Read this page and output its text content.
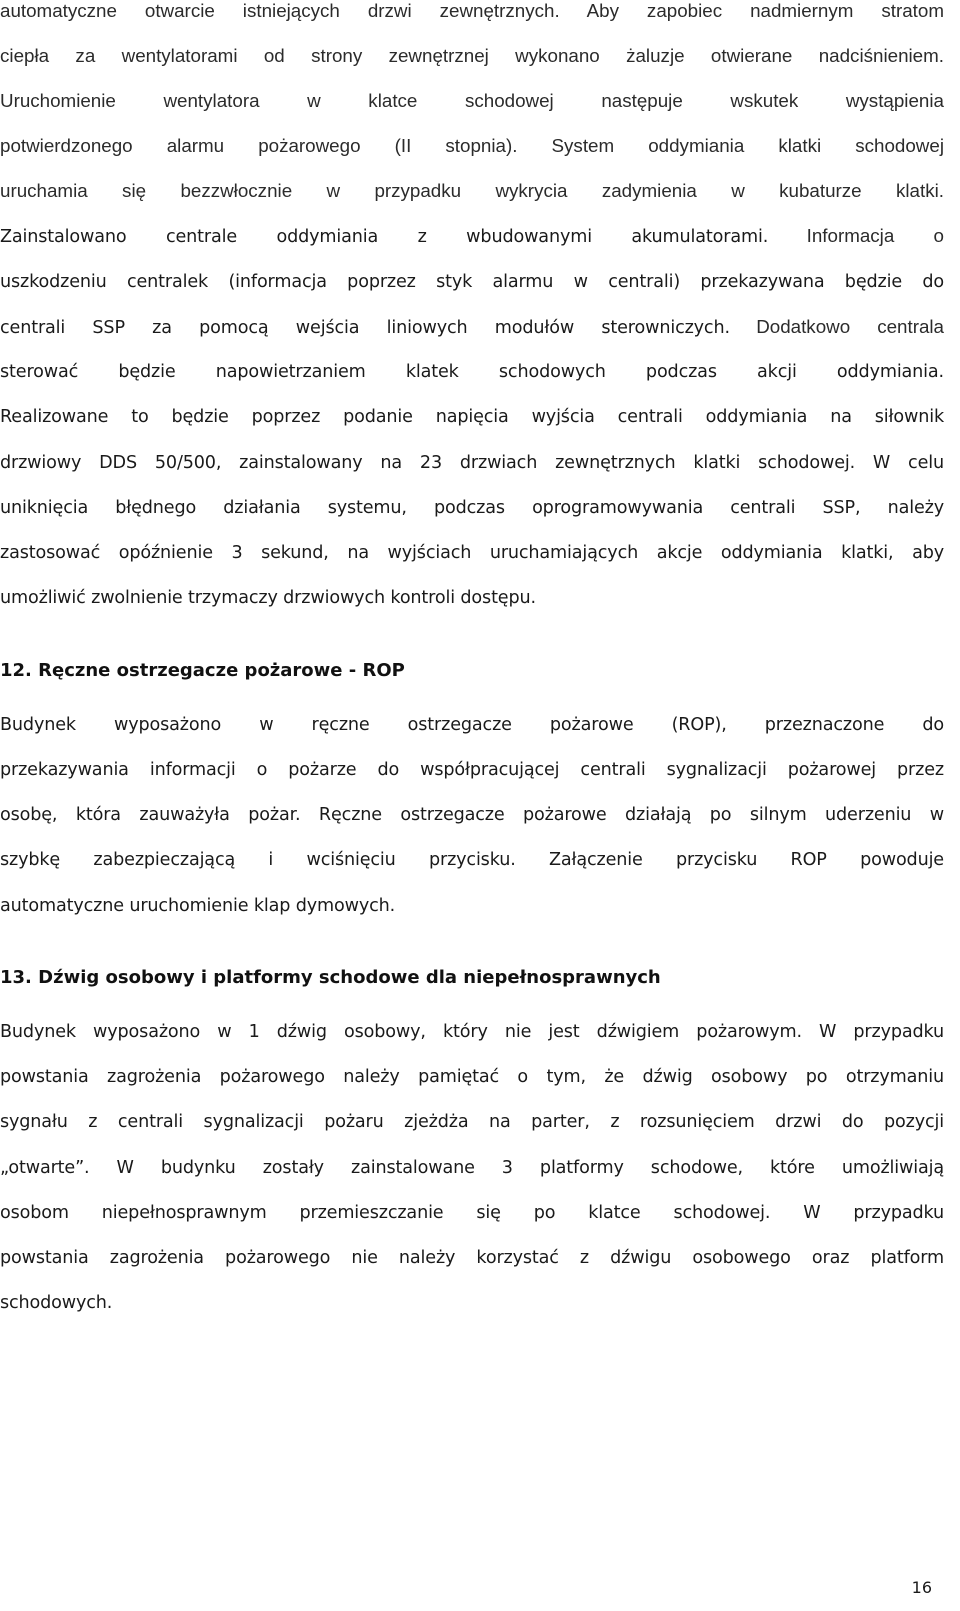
automatyczne otwarcie istniejących drzwi zewnętrznych. Aby zapobiec nadmiernym stratom
ciepła za wentylatorami od strony zewnętrznej wykonano żaluzje otwierane nadciśnieniem.
Uruchomienie wentylatora w klatce schodowej następuje wskutek wystąpienia
potwierdzonego alarmu pożarowego (II stopnia). System oddymiania klatki schodowej
uruchamia się bezzwłocznie w przypadku wykrycia zadymienia w kubaturze klatki.
Zainstalowano centrale oddymiania z wbudowanymi akumulatorami. Informacja o
uszkodzeniu centralek (informacja poprzez styk alarmu w centrali) przekazywana będzie do
centrali SSP za pomocą wejścia liniowych modułów sterowniczych. Dodatkowo centrala
sterować będzie napowietrzaniem klatek schodowych podczas akcji oddymiania.
Realizowane to będzie poprzez podanie napięcia wyjścia centrali oddymiania na siłownik
drzwiowy DDS 50/500, zainstalowany na 23 drzwiach zewnętrznych klatki schodowej. W celu
uniknięcia błędnego działania systemu, podczas oprogramowywania centrali SSP, należy
zastosować opóźnienie 3 sekund, na wyjściach uruchamiających akcje oddymiania klatki, aby
umożliwić zwolnienie trzymaczy drzwiowych kontroli dostępu.
12. Ręczne ostrzegacze pożarowe - ROP
Budynek wyposażono w ręczne ostrzegacze pożarowe (ROP), przeznaczone do
przekazywania informacji o pożarze do współpracującej centrali sygnalizacji pożarowej przez
osobę, która zauważyła pożar. Ręczne ostrzegacze pożarowe działają po silnym uderzeniu w
szybkę zabezpieczającą i wciśnięciu przycisku. Załączenie przycisku ROP powoduje
automatyczne uruchomienie klap dymowych.
13. Dźwig osobowy i platformy schodowe dla niepełnosprawnych
Budynek wyposażono w 1 dźwig osobowy, który nie jest dźwigiem pożarowym. W przypadku
powstania zagrożenia pożarowego należy pamiętać o tym, że dźwig osobowy po otrzymaniu
sygnału z centrali sygnalizacji pożaru zjeżdża na parter, z rozsunięciem drzwi do pozycji
„otwarte”. W budynku zostały zainstalowane 3 platformy schodowe, które umożliwiają
osobom niepełnosprawnym przemieszczanie się po klatce schodowej. W przypadku
powstania zagrożenia pożarowego nie należy korzystać z dźwigu osobowego oraz platform
schodowych.
16
